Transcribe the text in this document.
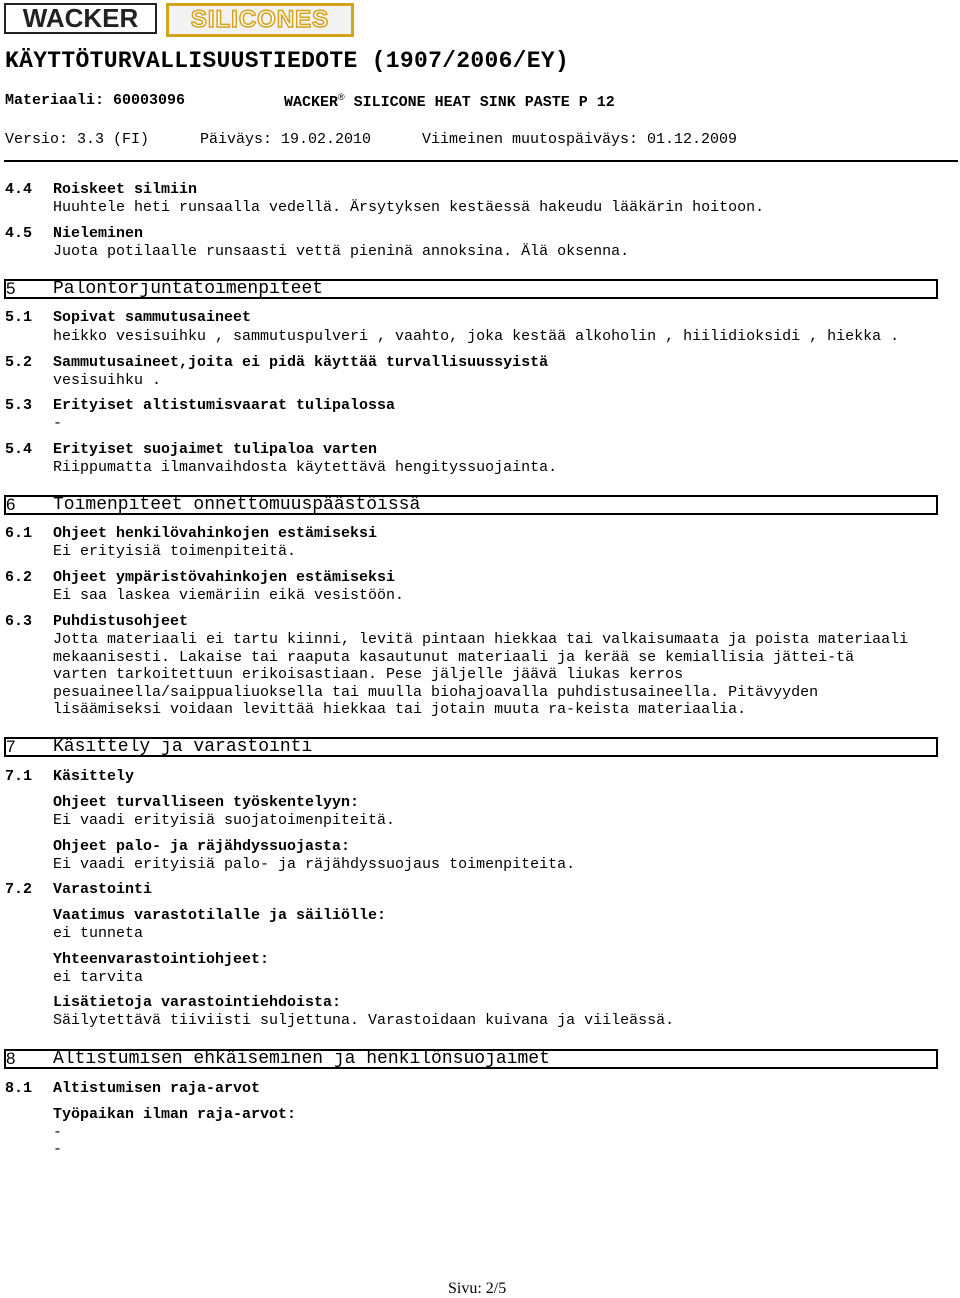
WACKER	SILICONES
KÄYTTÖTURVALLISUUSTIEDOTE (1907/2006/EY)
Materiaali: 60003096	WACKER® SILICONE HEAT SINK PASTE P 12
Versio: 3.3 (FI)	Päiväys: 19.02.2010	Viimeinen muutospäiväys: 01.12.2009
4.4 Roiskeet silmiin
Huuhtele heti runsaalla vedellä. Ärsytyksen kestäessä hakeudu lääkärin hoitoon.
4.5 Nieleminen
Juota potilaalle runsaasti vettä pieninä annoksina. Älä oksenna.
5 Palontorjuntatoimenpiteet
5.1 Sopivat sammutusaineet
heikko vesisuihku , sammutuspulveri , vaahto, joka kestää alkoholin , hiilidioksidi , hiekka .
5.2 Sammutusaineet,joita ei pidä käyttää turvallisuussyistä
vesisuihku .
5.3 Erityiset altistumisvaarat tulipalossa
-
5.4 Erityiset suojaimet tulipaloa varten
Riippumatta ilmanvaihdosta käytettävä hengityssuojainta.
6 Toimenpiteet onnettomuuspäästöissä
6.1 Ohjeet henkilövahinkojen estämiseksi
Ei erityisiä toimenpiteitä.
6.2 Ohjeet ympäristövahinkojen estämiseksi
Ei saa laskea viemäriin eikä vesistöön.
6.3 Puhdistusohjeet
Jotta materiaali ei tartu kiinni, levitä pintaan hiekkaa tai valkaisumaata ja poista materiaali
mekaanisesti. Lakaise tai raaputa kasautunut materiaali ja kerää se kemiallisia jättei-tä
varten tarkoitettuun erikoisastiaan. Pese jäljelle jäävä liukas kerros
pesuaineella/saippualiuoksella tai muulla biohajoavalla puhdistusaineella. Pitävyyden
lisäämiseksi voidaan levittää hiekkaa tai jotain muuta ra-keista materiaalia.
7 Käsittely ja varastointi
7.1 Käsittely
Ohjeet turvalliseen työskentelyyn:
Ei vaadi erityisiä suojatoimenpiteitä.
Ohjeet palo- ja räjähdyssuojasta:
Ei vaadi erityisiä palo- ja räjähdyssuojaus toimenpiteita.
7.2 Varastointi
Vaatimus varastotilalle ja säiliölle:
ei tunneta
Yhteenvarastointiohjeet:
ei tarvita
Lisätietoja varastointiehdoista:
Säilytettävä tiiviisti suljettuna. Varastoidaan kuivana ja viileässä.
8 Altistumisen ehkäiseminen ja henkilönsuojaimet
8.1 Altistumisen raja-arvot
Työpaikan ilman raja-arvot:
-
-
Sivu: 2/5
